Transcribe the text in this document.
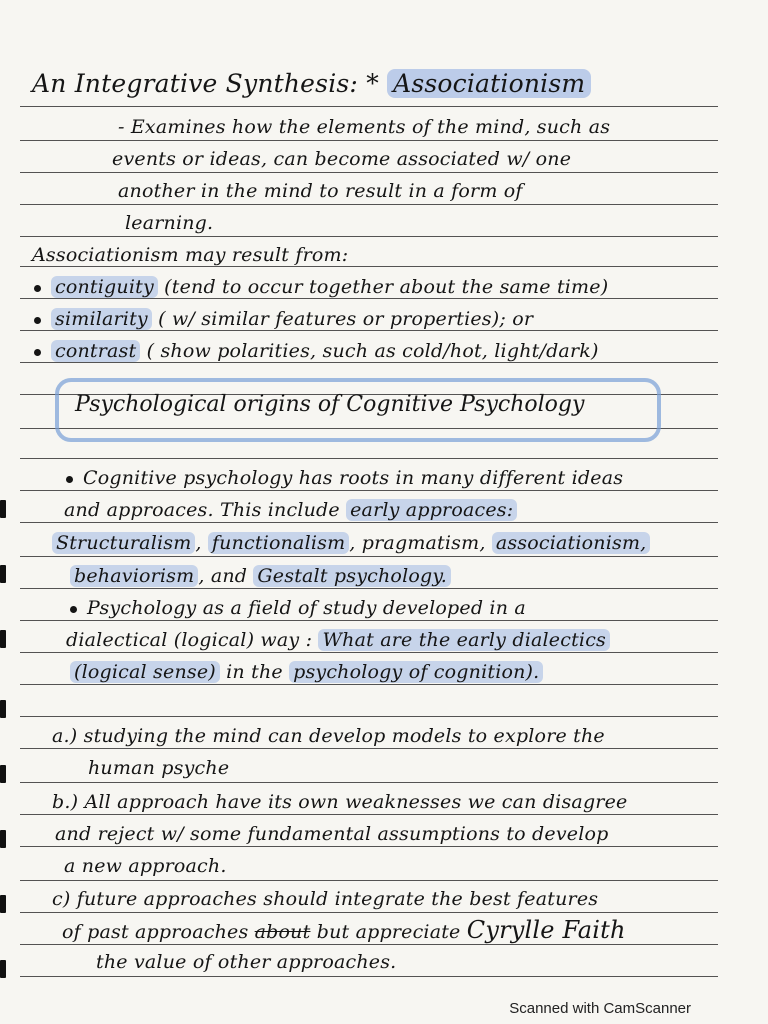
An Integrative Synthesis: * Associationism
- Examines how the elements of the mind, such as
events or ideas, can become associated w/ one
another in the mind to result in a form of
learning.
Associationism may result from:
contiguity (tend to occur together about the same time)
similarity ( w/ similar features or properties); or
contrast ( show polarities, such as cold/hot, light/dark)
Psychological origins of Cognitive Psychology
Cognitive psychology has roots in many different ideas
and approaces. This include early approaces:
Structuralism , functionalism , pragmatism, associationism,
behaviorism , and Gestalt psychology.
Psychology as a field of study developed in a
dialectical (logical) way : What are the early dialectics
(logical sense) in the psychology of cognition).
a.) studying the mind can develop models to explore the
human psyche
b.) All approach have its own weaknesses we can disagree
and reject w/ some fundamental assumptions to develop
a new approach.
c) future approaches should integrate the best features
of past approaches about but appreciate Cyrylle Faith
the value of other approaches.
Scanned with CamScanner
